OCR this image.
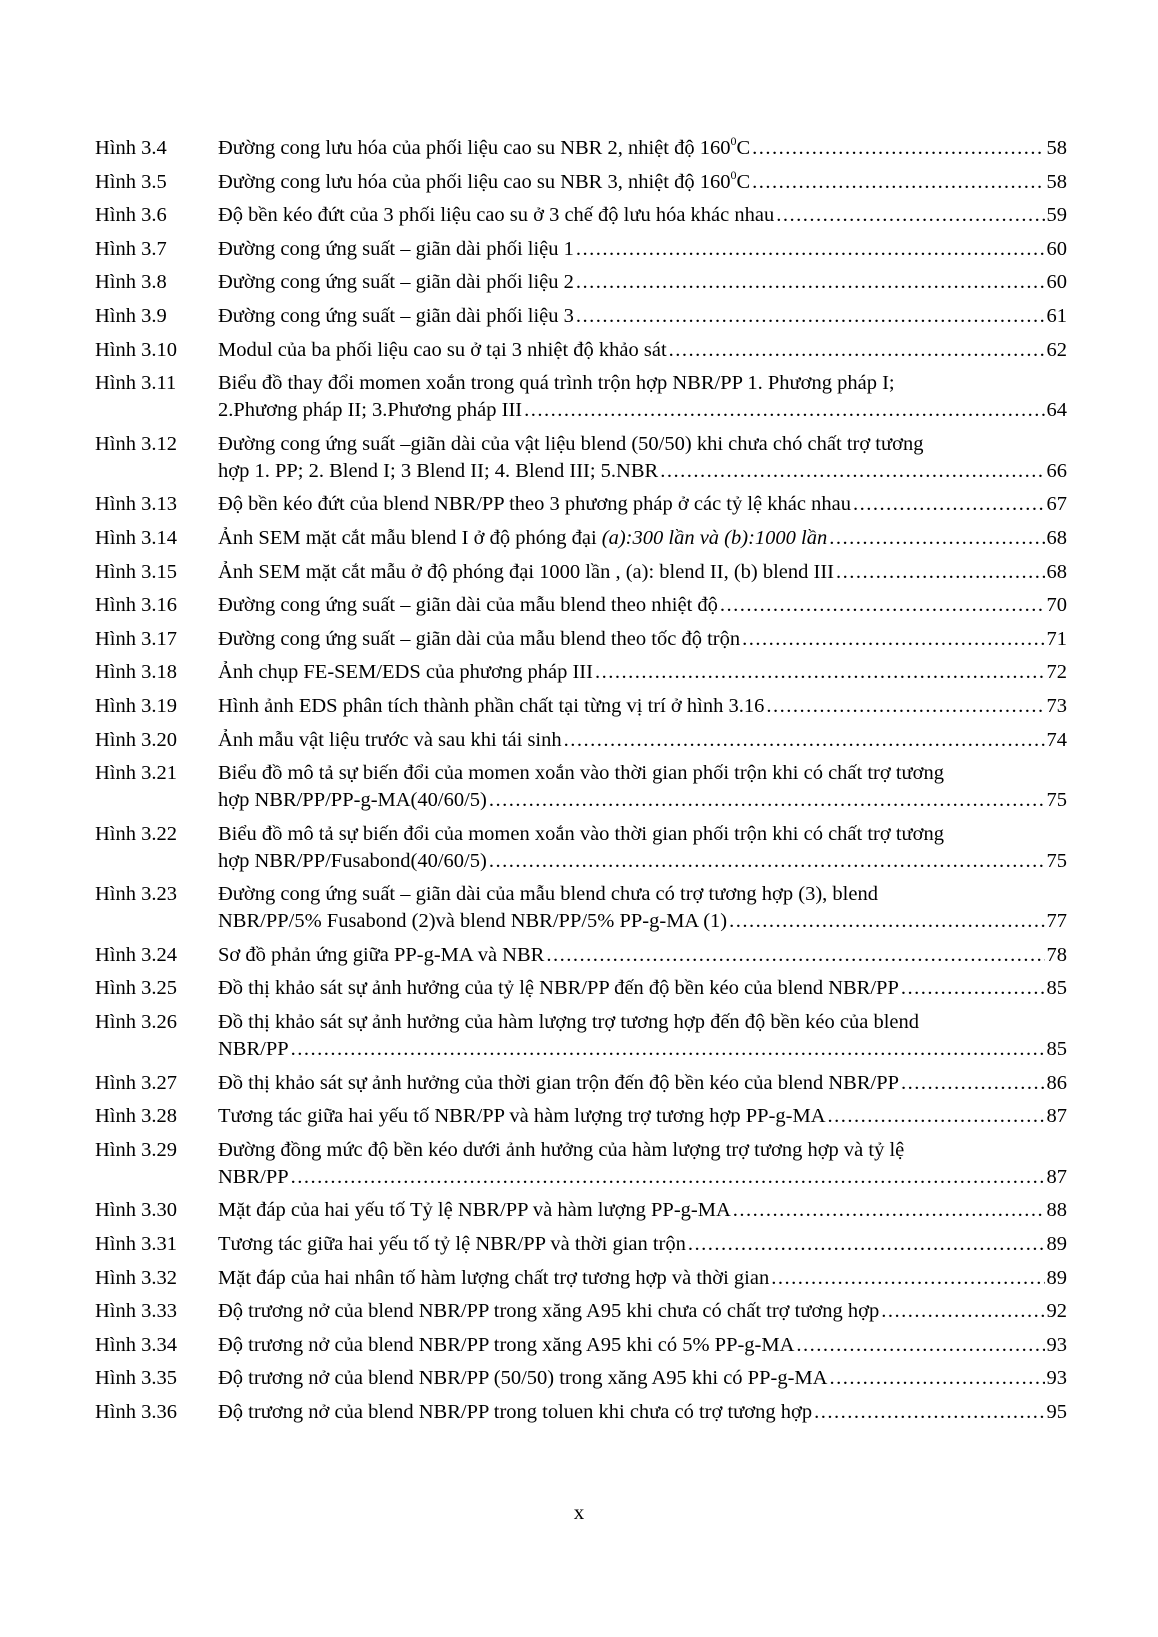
Hình 3.4	Đường cong lưu hóa của phối liệu cao su NBR 2, nhiệt độ $160^0C$ .....	58
Hình 3.5	Đường cong lưu hóa của phối liệu cao su NBR 3, nhiệt độ $160^0C$ .....	58
Hình 3.6	Độ bền kéo đứt của 3 phối liệu cao su ở 3 chế độ lưu hóa khác nhau .....	59
Hình 3.7	Đường cong ứng suất – giãn dài phối liệu 1 .....	60
Hình 3.8	Đường cong ứng suất – giãn dài phối liệu 2 .....	60
Hình 3.9	Đường cong ứng suất – giãn dài phối liệu 3 .....	61
Hình 3.10	Modul của ba phối liệu cao su ở tại 3 nhiệt độ khảo sát .....	62
Hình 3.11	Biểu đồ thay đổi momen xoắn trong quá trình trộn hợp NBR/PP 1. Phương pháp I;
2.Phương pháp II; 3.Phương pháp III .....	64
Hình 3.12	Đường cong ứng suất –giãn dài của vật liệu blend (50/50) khi chưa chó chất trợ tương
hợp 1. PP; 2. Blend I; 3 Blend II; 4. Blend III; 5.NBR .....	66
Hình 3.13	Độ bền kéo đứt của blend NBR/PP theo 3 phương pháp ở các tỷ lệ khác nhau .....	67
Hình 3.14	Ảnh SEM mặt cắt mẫu blend I ở độ phóng đại (a):300 lần và (b):1000 lần .....	68
Hình 3.15	Ảnh SEM mặt cắt mẫu ở độ phóng đại 1000 lần , (a): blend II, (b) blend III .....	68
Hình 3.16	Đường cong ứng suất – giãn dài của mẫu blend theo nhiệt độ .....	70
Hình 3.17	Đường cong ứng suất – giãn dài của mẫu blend theo tốc độ trộn .....	71
Hình 3.18	Ảnh chụp FE-SEM/EDS của phương pháp III .....	72
Hình 3.19	Hình ảnh EDS phân tích thành phần chất tại từng vị trí ở hình 3.16 .....	73
Hình 3.20	Ảnh mẫu vật liệu trước và sau khi tái sinh .....	74
Hình 3.21	Biểu đồ mô tả sự biến đổi của momen xoắn vào thời gian phối trộn khi có chất trợ tương
hợp NBR/PP/PP-g-MA(40/60/5) .....	75
Hình 3.22	Biểu đồ mô tả sự biến đổi của momen xoắn vào thời gian phối trộn khi có chất trợ tương
hợp NBR/PP/Fusabond(40/60/5) .....	75
Hình 3.23	Đường cong ứng suất – giãn dài của mẫu blend chưa có trợ tương hợp (3), blend
NBR/PP/5% Fusabond (2)và blend NBR/PP/5% PP-g-MA (1) .....	77
Hình 3.24	Sơ đồ phản ứng giữa PP-g-MA và NBR .....	78
Hình 3.25	Đồ thị khảo sát sự ảnh hưởng của tỷ lệ NBR/PP đến độ bền kéo của blend NBR/PP .....	85
Hình 3.26	Đồ thị khảo sát sự ảnh hưởng của hàm lượng trợ tương hợp đến độ bền kéo của blend
NBR/PP .....	85
Hình 3.27	Đồ thị khảo sát sự ảnh hưởng của thời gian trộn đến độ bền kéo của blend NBR/PP .....	86
Hình 3.28	Tương tác giữa hai yếu tố NBR/PP và hàm lượng trợ tương hợp PP-g-MA .....	87
Hình 3.29	Đường đồng mức độ bền kéo dưới ảnh hưởng của hàm lượng trợ tương hợp và tỷ lệ
NBR/PP .....	87
Hình 3.30	Mặt đáp của hai yếu tố Tỷ lệ NBR/PP và hàm lượng PP-g-MA .....	88
Hình 3.31	Tương tác giữa hai yếu tố tỷ lệ NBR/PP và thời gian trộn .....	89
Hình 3.32	Mặt đáp của hai nhân tố hàm lượng chất trợ tương hợp và thời gian .....	89
Hình 3.33	Độ trương nở của blend NBR/PP trong xăng A95 khi chưa có chất trợ tương hợp .....	92
Hình 3.34	Độ trương nở của blend NBR/PP trong xăng A95 khi có 5% PP-g-MA .....	93
Hình 3.35	Độ trương nở của blend NBR/PP (50/50) trong xăng A95 khi có PP-g-MA .....	93
Hình 3.36	Độ trương nở của blend NBR/PP trong toluen khi chưa có trợ tương hợp .....	95
x
